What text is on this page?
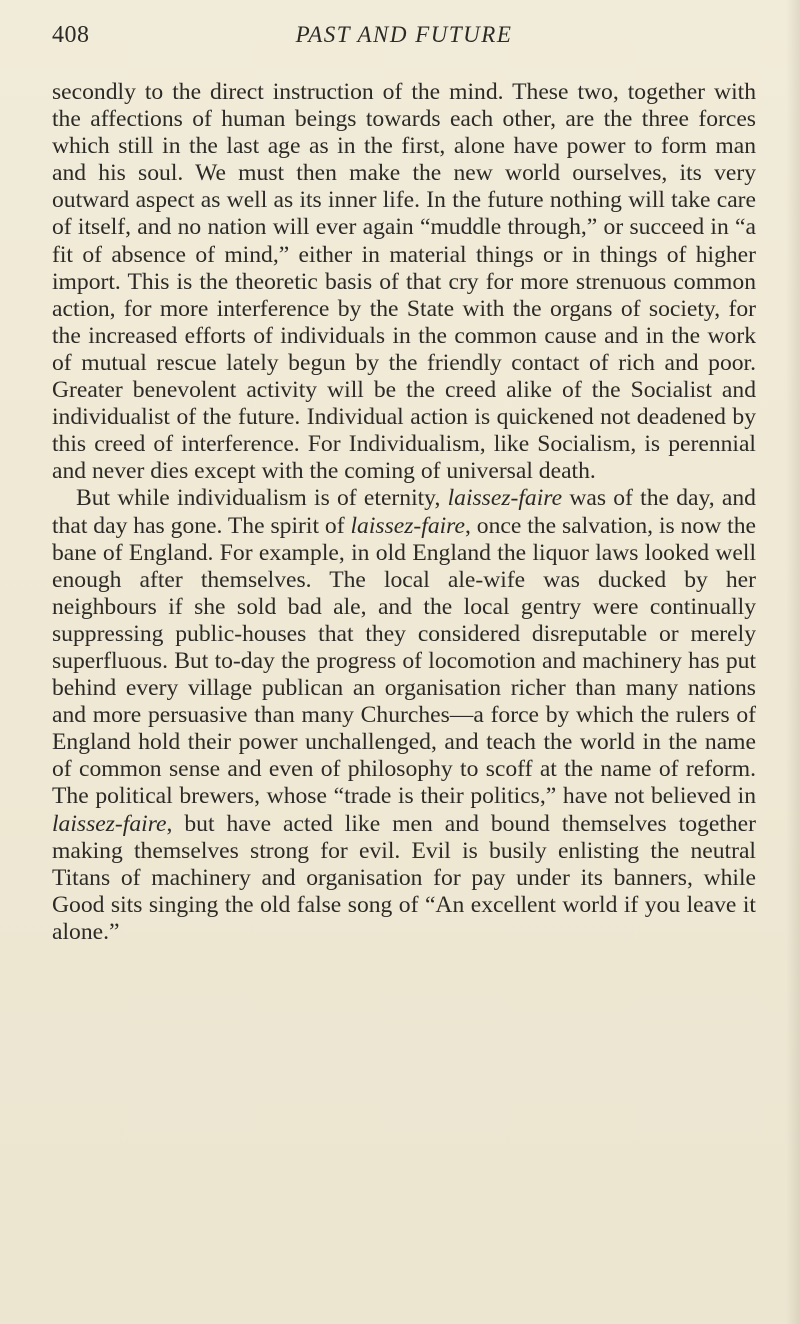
408	PAST AND FUTURE

secondly to the direct instruction of the mind. These two, together with the affections of human beings towards each other, are the three forces which still in the last age as in the first, alone have power to form man and his soul. We must then make the new world ourselves, its very outward aspect as well as its inner life. In the future nothing will take care of itself, and no nation will ever again “muddle through,” or succeed in “a fit of absence of mind,” either in material things or in things of higher import. This is the theoretic basis of that cry for more strenuous common action, for more interference by the State with the organs of society, for the increased efforts of individuals in the common cause and in the work of mutual rescue lately begun by the friendly contact of rich and poor. Greater benevolent activity will be the creed alike of the Socialist and individualist of the future. Individual action is quickened not deadened by this creed of interference. For Individualism, like Socialism, is perennial and never dies except with the coming of universal death.

But while individualism is of eternity, laissez-faire was of the day, and that day has gone. The spirit of laissez-faire, once the salvation, is now the bane of England. For example, in old England the liquor laws looked well enough after themselves. The local ale-wife was ducked by her neighbours if she sold bad ale, and the local gentry were continually suppressing public-houses that they considered disreputable or merely superfluous. But to-day the progress of locomotion and machinery has put behind every village publican an organisation richer than many nations and more persuasive than many Churches—a force by which the rulers of England hold their power unchallenged, and teach the world in the name of common sense and even of philosophy to scoff at the name of reform. The political brewers, whose “trade is their politics,” have not believed in laissez-faire, but have acted like men and bound themselves together making themselves strong for evil. Evil is busily enlisting the neutral Titans of machinery and organisation for pay under its banners, while Good sits singing the old false song of “An excellent world if you leave it alone.”
